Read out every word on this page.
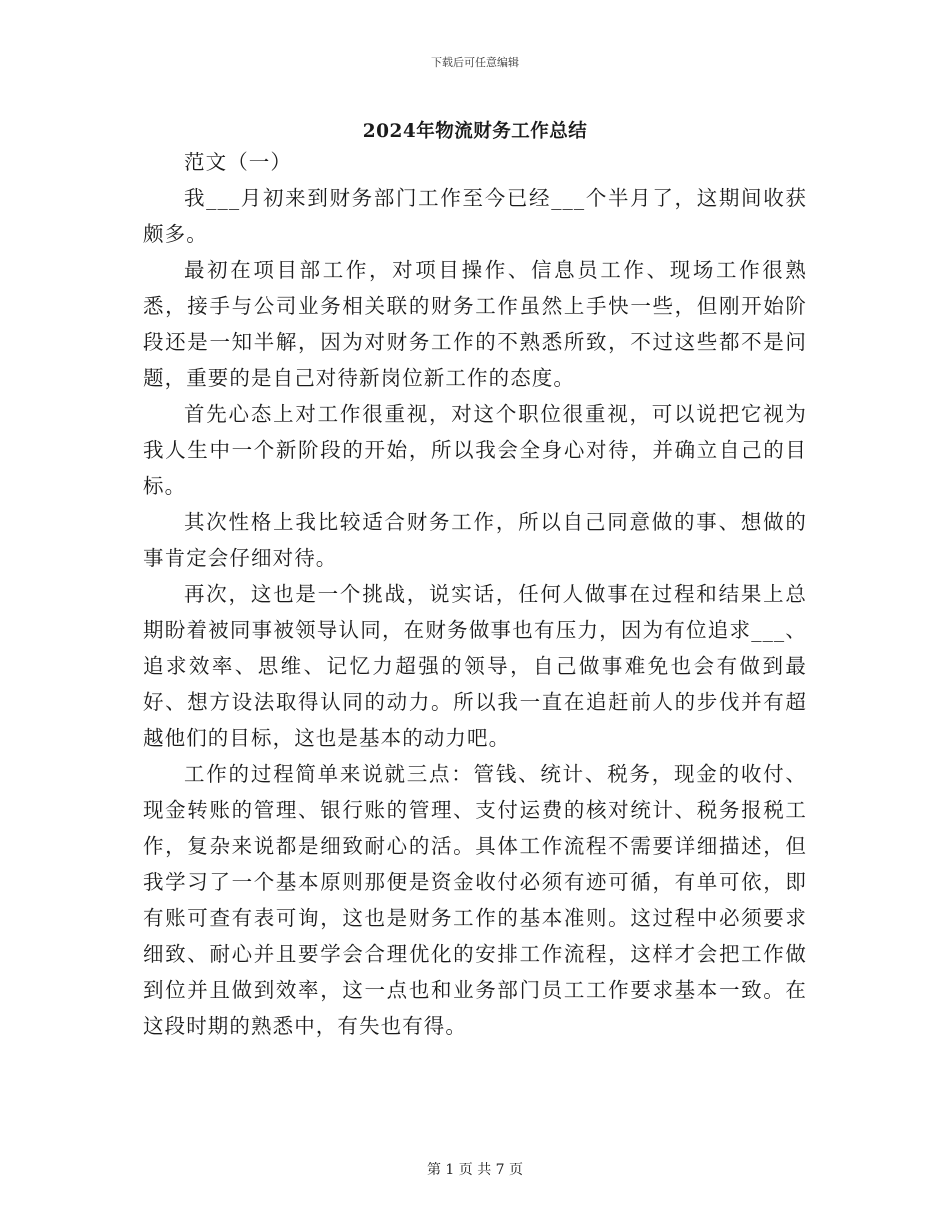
下载后可任意编辑
2024年物流财务工作总结

范文（一）

我___月初来到财务部门工作至今已经___个半月了，这期间收获颇多。

最初在项目部工作，对项目操作、信息员工作、现场工作很熟悉，接手与公司业务相关联的财务工作虽然上手快一些，但刚开始阶段还是一知半解，因为对财务工作的不熟悉所致，不过这些都不是问题，重要的是自己对待新岗位新工作的态度。

首先心态上对工作很重视，对这个职位很重视，可以说把它视为我人生中一个新阶段的开始，所以我会全身心对待，并确立自己的目标。

其次性格上我比较适合财务工作，所以自己同意做的事、想做的事肯定会仔细对待。

再次，这也是一个挑战，说实话，任何人做事在过程和结果上总期盼着被同事被领导认同，在财务做事也有压力，因为有位追求___、追求效率、思维、记忆力超强的领导，自己做事难免也会有做到最好、想方设法取得认同的动力。所以我一直在追赶前人的步伐并有超越他们的目标，这也是基本的动力吧。

工作的过程简单来说就三点：管钱、统计、税务，现金的收付、现金转账的管理、银行账的管理、支付运费的核对统计、税务报税工作，复杂来说都是细致耐心的活。具体工作流程不需要详细描述，但我学习了一个基本原则那便是资金收付必须有迹可循，有单可依，即有账可查有表可询，这也是财务工作的基本准则。这过程中必须要求细致、耐心并且要学会合理优化的安排工作流程，这样才会把工作做到位并且做到效率，这一点也和业务部门员工工作要求基本一致。在这段时期的熟悉中，有失也有得。

第 1 页 共 7 页
